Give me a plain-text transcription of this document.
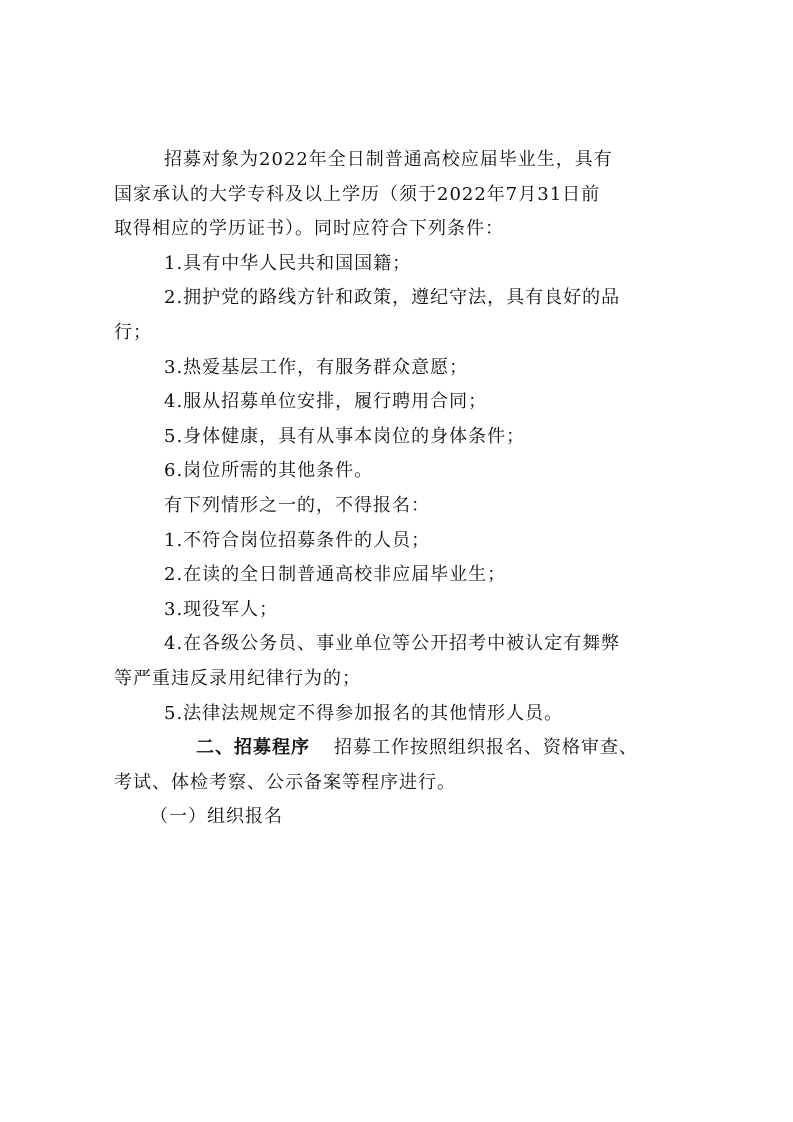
招募对象为2022年全日制普通高校应届毕业生，具有

国家承认的大学专科及以上学历（须于2022年7月31日前

取得相应的学历证书）。同时应符合下列条件：

1.具有中华人民共和国国籍；

2.拥护党的路线方针和政策，遵纪守法，具有良好的品

行；

3.热爱基层工作，有服务群众意愿；

4.服从招募单位安排，履行聘用合同；

5.身体健康，具有从事本岗位的身体条件；

6.岗位所需的其他条件。

有下列情形之一的，不得报名：

1.不符合岗位招募条件的人员；

2.在读的全日制普通高校非应届毕业生；

3.现役军人；

4.在各级公务员、事业单位等公开招考中被认定有舞弊

等严重违反录用纪律行为的；

5.法律法规规定不得参加报名的其他情形人员。

二、招募程序 招募工作按照组织报名、资格审查、

考试、体检考察、公示备案等程序进行。

（一）组织报名
